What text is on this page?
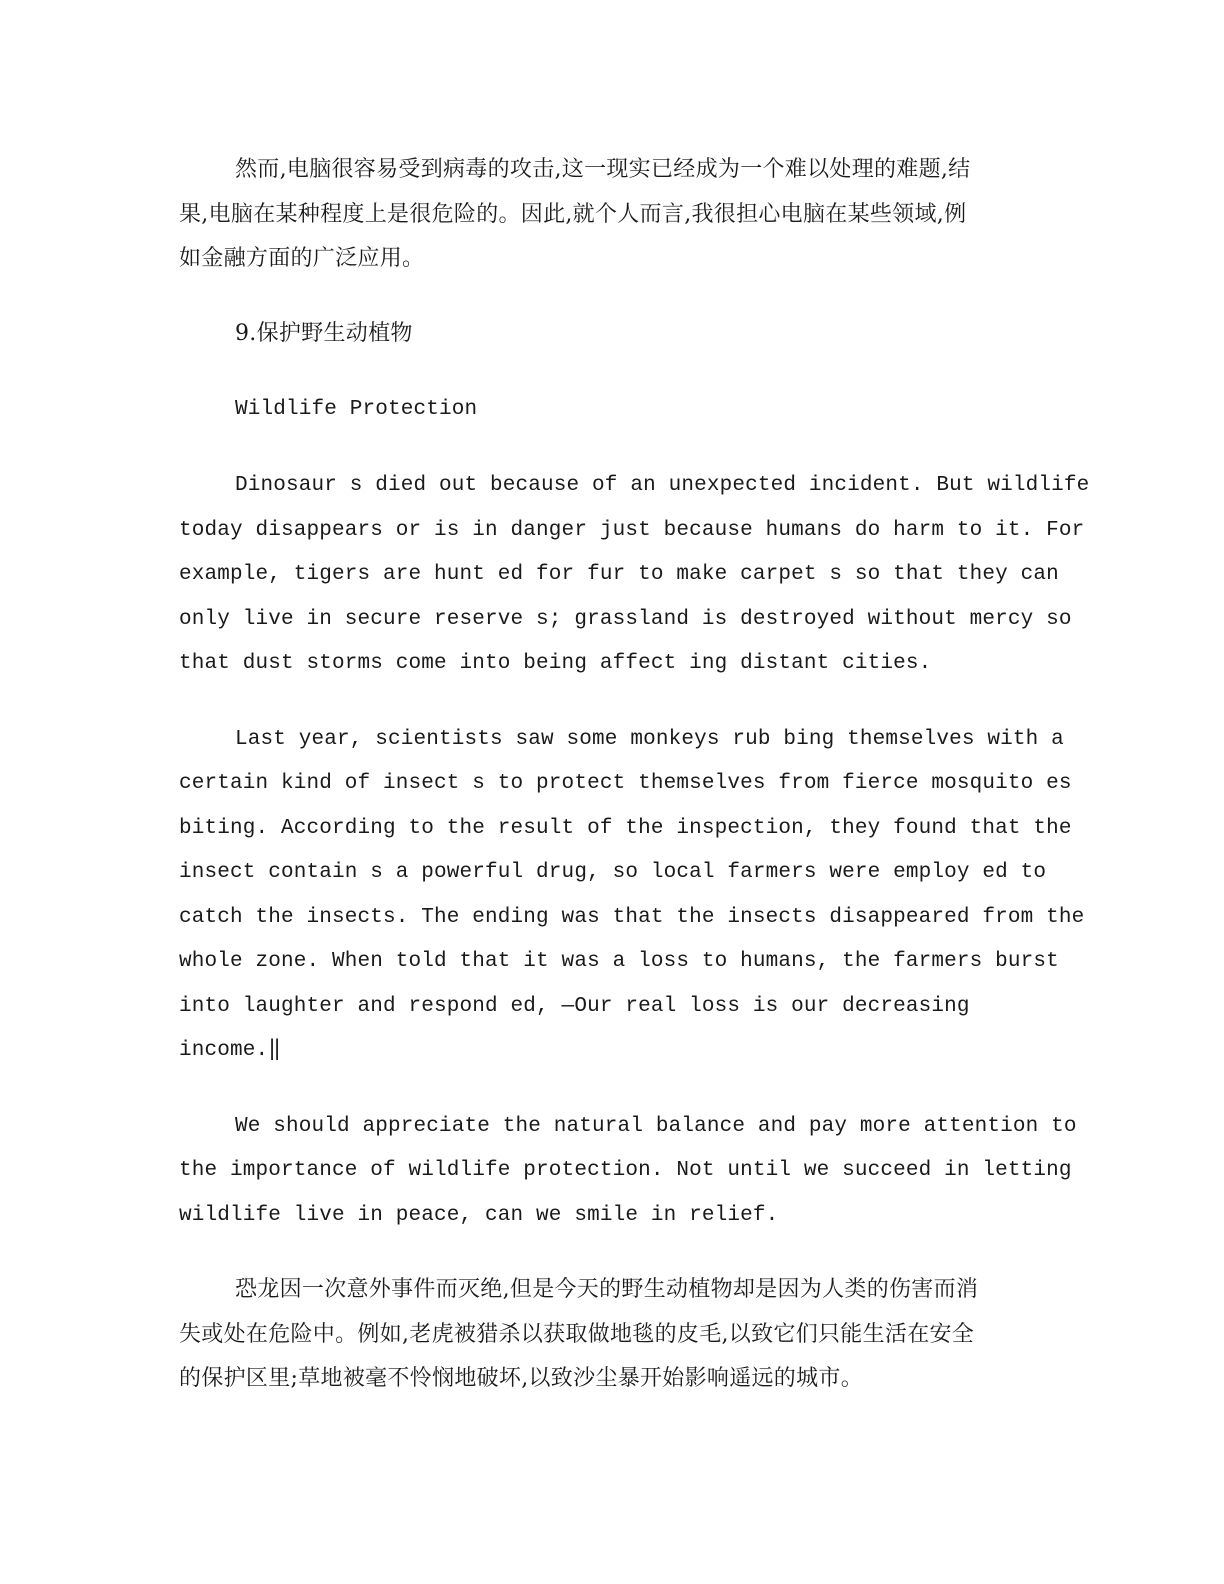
然而,电脑很容易受到病毒的攻击,这一现实已经成为一个难以处理的难题,结

果,电脑在某种程度上是很危险的。因此,就个人而言,我很担心电脑在某些领域,例

如金融方面的广泛应用。

9.保护野生动植物

Wildlife Protection

Dinosaur s died out because of an unexpected incident. But wildlife

today disappears or is in danger just because humans do harm to it. For

example, tigers are hunt ed for fur to make carpet s so that they can

only live in secure reserve s; grassland is destroyed without mercy so

that dust storms come into being affect ing distant cities.

Last year, scientists saw some monkeys rub bing themselves with a

certain kind of insect s to protect themselves from fierce mosquito es

biting. According to the result of the inspection, they found that the

insect contain s a powerful drug, so local farmers were employ ed to

catch the insects. The ending was that the insects disappeared from the

whole zone. When told that it was a loss to humans, the farmers burst

into laughter and respond ed, ―Our real loss is our decreasing

income.‖

We should appreciate the natural balance and pay more attention to

the importance of wildlife protection. Not until we succeed in letting

wildlife live in peace, can we smile in relief.

恐龙因一次意外事件而灭绝,但是今天的野生动植物却是因为人类的伤害而消

失或处在危险中。例如,老虎被猎杀以获取做地毯的皮毛,以致它们只能生活在安全

的保护区里;草地被毫不怜悯地破坏,以致沙尘暴开始影响遥远的城市。
